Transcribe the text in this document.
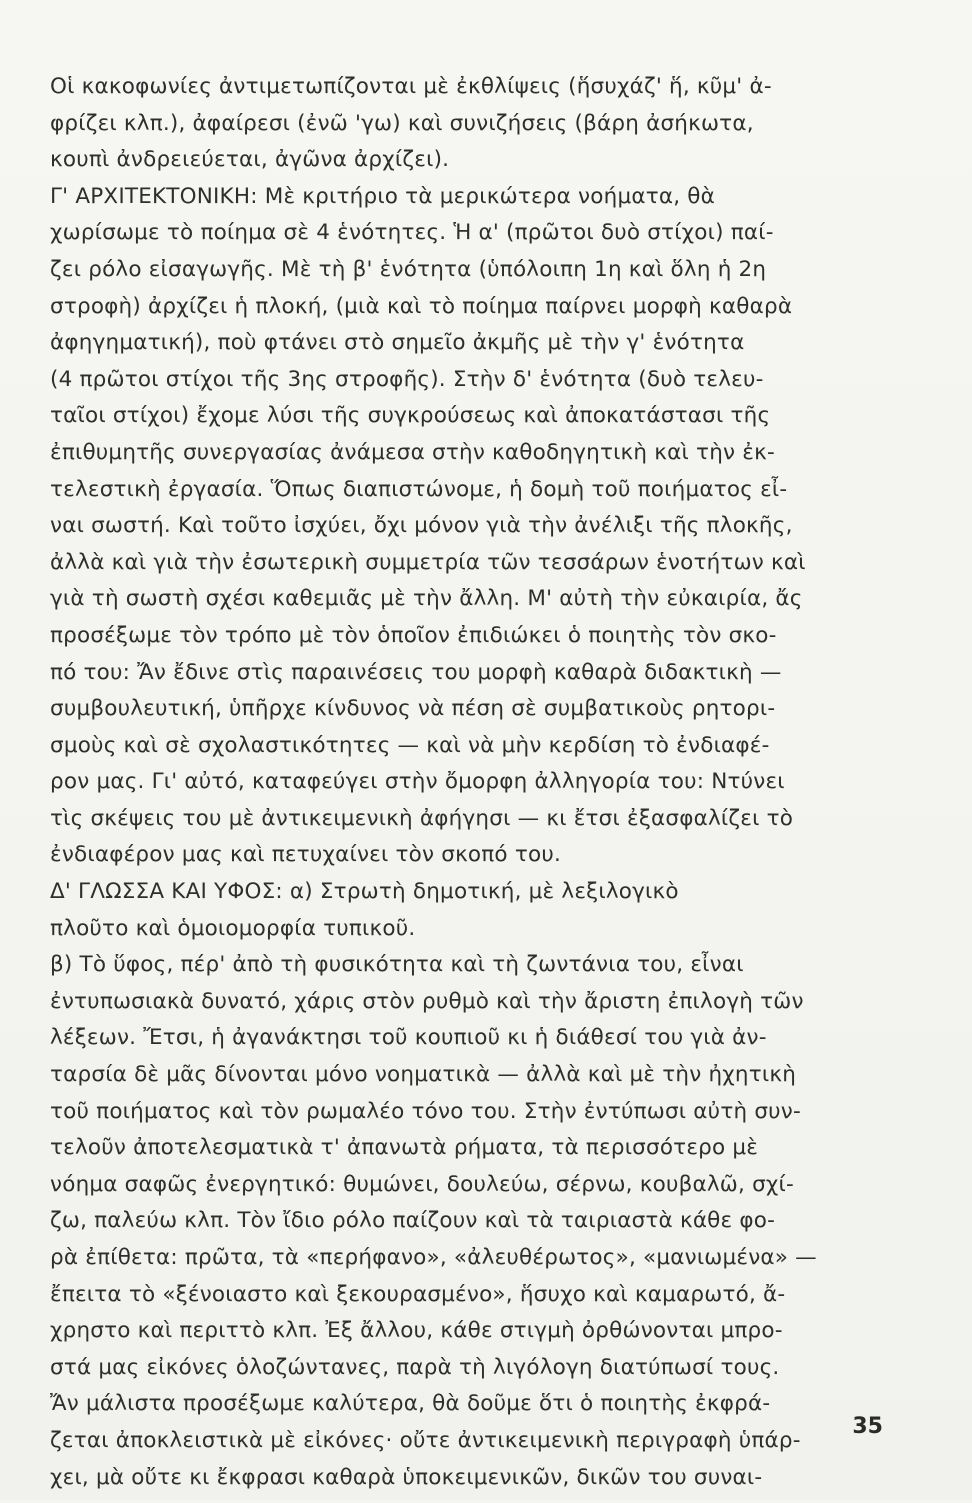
Οἱ κακοφωνίες ἀντιμετωπίζονται μὲ ἐκθλίψεις (ἥσυχάζ' ἥ, κῦμ' ἀ-
φρίζει κλπ.), ἀφαίρεσι (ἐνῶ 'γω) καὶ συνιζήσεις (βάρη ἀσήκωτα,
κουπὶ ἀνδρειεύεται, ἀγῶνα ἀρχίζει).
Γ' ΑΡΧΙΤΕΚΤΟΝΙΚΗ: Μὲ κριτήριο τὰ μερικώτερα νοήματα, θὰ
χωρίσωμε τὸ ποίημα σὲ 4 ἑνότητες. Ἡ α' (πρῶτοι δυὸ στίχοι) παί-
ζει ρόλο εἰσαγωγῆς. Μὲ τὴ β' ἑνότητα (ὑπόλοιπη 1η καὶ ὅλη ἡ 2η
στροφὴ) ἀρχίζει ἡ πλοκή, (μιὰ καὶ τὸ ποίημα παίρνει μορφὴ καθαρὰ
ἀφηγηματική), ποὺ φτάνει στὸ σημεῖο ἀκμῆς μὲ τὴν γ' ἑνότητα
(4 πρῶτοι στίχοι τῆς 3ης στροφῆς). Στὴν δ' ἑνότητα (δυὸ τελευ-
ταῖοι στίχοι) ἔχομε λύσι τῆς συγκρούσεως καὶ ἀποκατάστασι τῆς
ἐπιθυμητῆς συνεργασίας ἀνάμεσα στὴν καθοδηγητικὴ καὶ τὴν ἐκ-
τελεστικὴ ἐργασία. Ὅπως διαπιστώνομε, ἡ δομὴ τοῦ ποιήματος εἶ-
ναι σωστή. Καὶ τοῦτο ἰσχύει, ὄχι μόνον γιὰ τὴν ἀνέλιξι τῆς πλοκῆς,
ἀλλὰ καὶ γιὰ τὴν ἐσωτερικὴ συμμετρία τῶν τεσσάρων ἑνοτήτων καὶ
γιὰ τὴ σωστὴ σχέσι καθεμιᾶς μὲ τὴν ἄλλη. Μ' αὐτὴ τὴν εὐκαιρία, ἄς
προσέξωμε τὸν τρόπο μὲ τὸν ὁποῖον ἐπιδιώκει ὁ ποιητὴς τὸν σκο-
πό του: Ἄν ἔδινε στὶς παραινέσεις του μορφὴ καθαρὰ διδακτικὴ —
συμβουλευτική, ὑπῆρχε κίνδυνος νὰ πέση σὲ συμβατικοὺς ρητορι-
σμοὺς καὶ σὲ σχολαστικότητες — καὶ νὰ μὴν κερδίση τὸ ἐνδιαφέ-
ρον μας. Γι' αὐτό, καταφεύγει στὴν ὄμορφη ἀλληγορία του: Ντύνει
τὶς σκέψεις του μὲ ἀντικειμενικὴ ἀφήγησι — κι ἔτσι ἐξασφαλίζει τὸ
ἐνδιαφέρον μας καὶ πετυχαίνει τὸν σκοπό του.
Δ' ΓΛΩΣΣΑ ΚΑΙ ΥΦΟΣ: α) Στρωτὴ δημοτική, μὲ λεξιλογικὸ
πλοῦτο καὶ ὁμοιομορφία τυπικοῦ.
β) Τὸ ὕφος, πέρ' ἀπὸ τὴ φυσικότητα καὶ τὴ ζωντάνια του, εἶναι
ἐντυπωσιακὰ δυνατό, χάρις στὸν ρυθμὸ καὶ τὴν ἄριστη ἐπιλογὴ τῶν
λέξεων. Ἔτσι, ἡ ἀγανάκτησι τοῦ κουπιοῦ κι ἡ διάθεσί του γιὰ ἀν-
ταρσία δὲ μᾶς δίνονται μόνο νοηματικὰ — ἀλλὰ καὶ μὲ τὴν ἠχητικὴ
τοῦ ποιήματος καὶ τὸν ρωμαλέο τόνο του. Στὴν ἐντύπωσι αὐτὴ συν-
τελοῦν ἀποτελεσματικὰ τ' ἀπανωτὰ ρήματα, τὰ περισσότερο μὲ
νόημα σαφῶς ἐνεργητικό: θυμώνει, δουλεύω, σέρνω, κουβαλῶ, σχί-
ζω, παλεύω κλπ. Τὸν ἴδιο ρόλο παίζουν καὶ τὰ ταιριαστὰ κάθε φο-
ρὰ ἐπίθετα: πρῶτα, τὰ «περήφανο», «ἀλευθέρωτος», «μανιωμένα» —
ἔπειτα τὸ «ξένοιαστο καὶ ξεκουρασμένο», ἥσυχο καὶ καμαρωτό, ἄ-
χρηστο καὶ περιττὸ κλπ. Ἐξ ἄλλου, κάθε στιγμὴ ὀρθώνονται μπρο-
στά μας εἰκόνες ὁλοζώντανες, παρὰ τὴ λιγόλογη διατύπωσί τους.
Ἄν μάλιστα προσέξωμε καλύτερα, θὰ δοῦμε ὅτι ὁ ποιητὴς ἐκφρά-
ζεται ἀποκλειστικὰ μὲ εἰκόνες· οὔτε ἀντικειμενικὴ περιγραφὴ ὑπάρ-
χει, μὰ οὔτε κι ἔκφρασι καθαρὰ ὑποκειμενικῶν, δικῶν του συναι-
35
